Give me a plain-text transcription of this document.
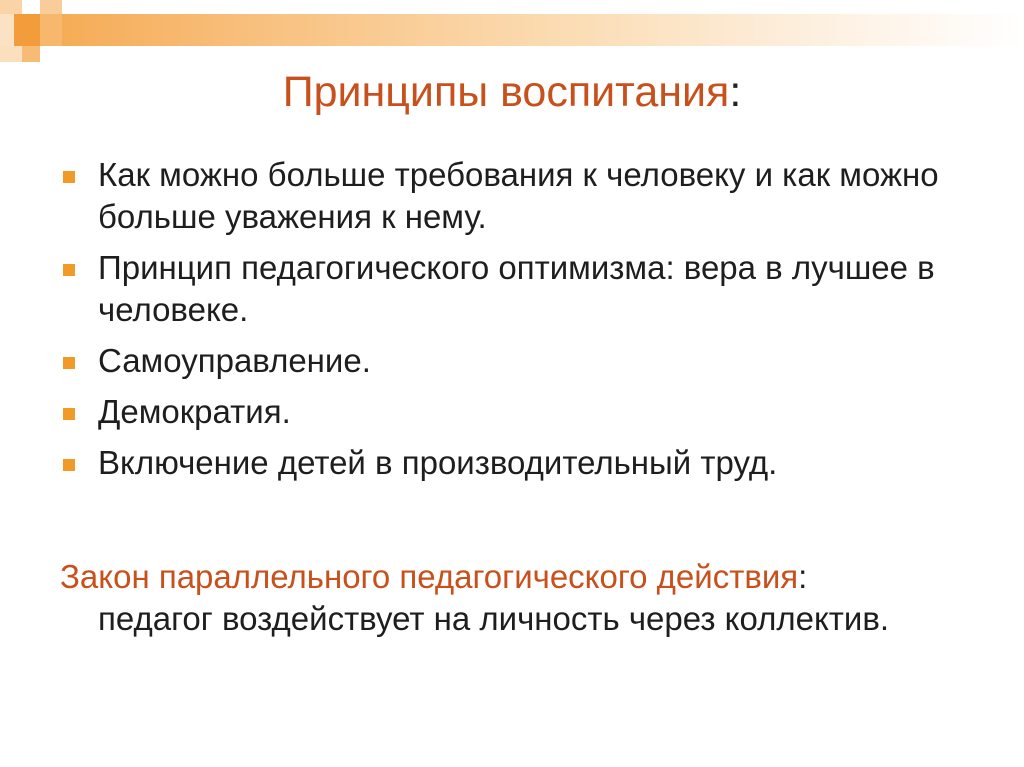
Принципы воспитания:
Как можно больше требования к человеку и как можно больше уважения к нему.
Принцип педагогического оптимизма: вера в лучшее в человеке.
Самоуправление.
Демократия.
Включение детей в производительный труд.
Закон параллельного педагогического действия:
педагог воздействует на личность через коллектив.
